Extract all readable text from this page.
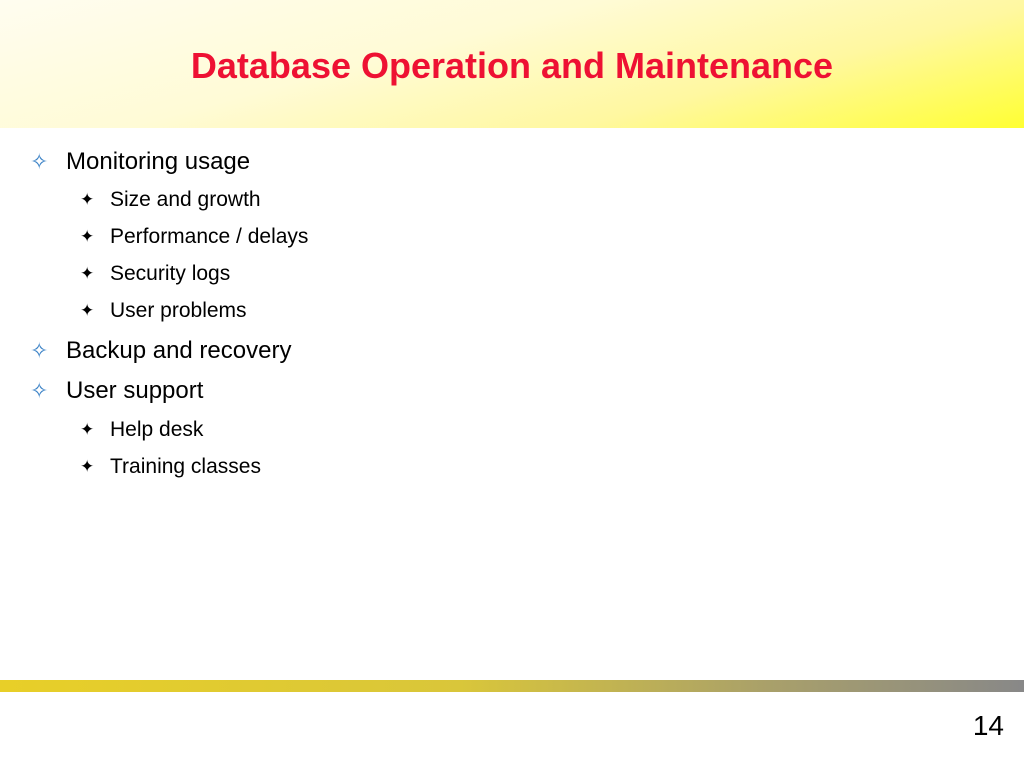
Database Operation and Maintenance
✧ Monitoring usage
✦ Size and growth
✦ Performance / delays
✦ Security logs
✦ User problems
✧ Backup and recovery
✧ User support
✦ Help desk
✦ Training classes
14
